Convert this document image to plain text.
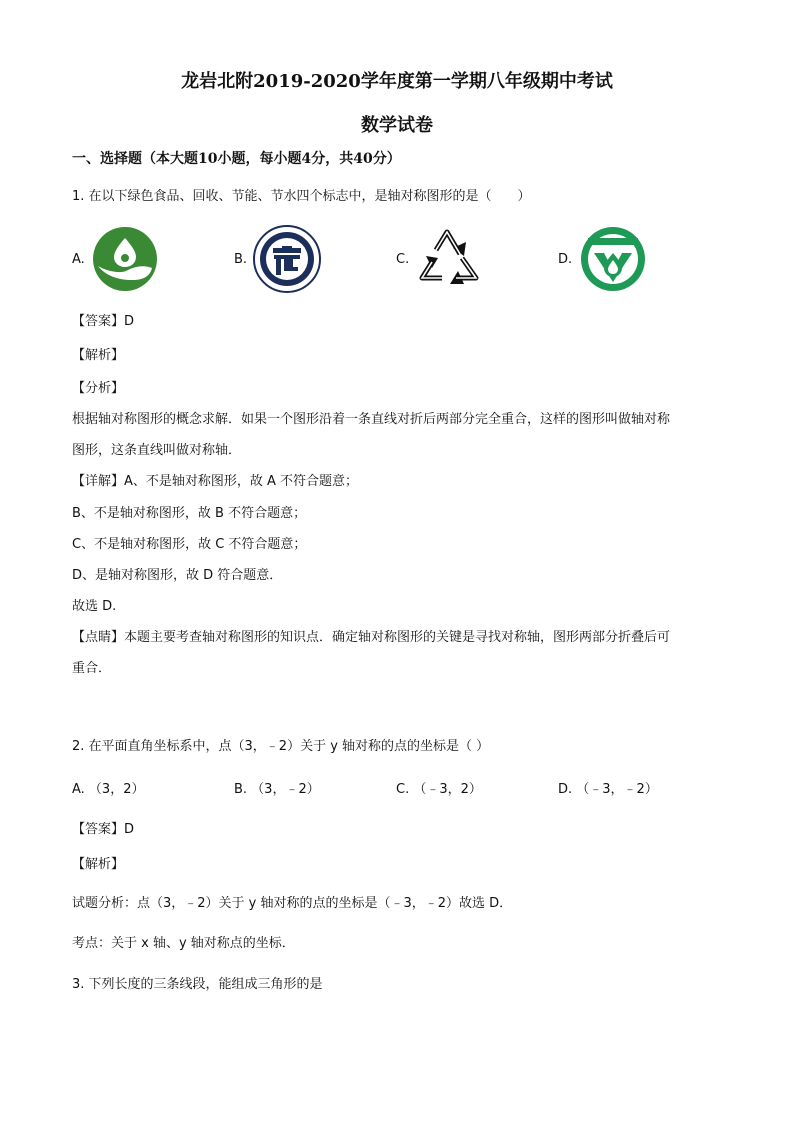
龙岩北附2019-2020学年度第一学期八年级期中考试
数学试卷
一、选择题（本大题10小题，每小题4分，共40分）
1. 在以下绿色食品、回收、节能、节水四个标志中，是轴对称图形的是（　　）
A.	B.	C.	D.
【答案】D
【解析】
【分析】
根据轴对称图形的概念求解．如果一个图形沿着一条直线对折后两部分完全重合，这样的图形叫做轴对称
图形，这条直线叫做对称轴．
【详解】A、不是轴对称图形，故 A 不符合题意；
B、不是轴对称图形，故 B 不符合题意；
C、不是轴对称图形，故 C 不符合题意；
D、是轴对称图形，故 D 符合题意．
故选 D.
【点睛】本题主要考查轴对称图形的知识点．确定轴对称图形的关键是寻找对称轴，图形两部分折叠后可
重合．
2. 在平面直角坐标系中，点（3，﹣2）关于 y 轴对称的点的坐标是（ ）
A. （3，2）	B. （3，﹣2）	C. （﹣3，2）	D. （﹣3，﹣2）
【答案】D
【解析】
试题分析：点（3，﹣2）关于 y 轴对称的点的坐标是（﹣3，﹣2）故选 D．
考点：关于 x 轴、y 轴对称点的坐标．
3. 下列长度的三条线段，能组成三角形的是
